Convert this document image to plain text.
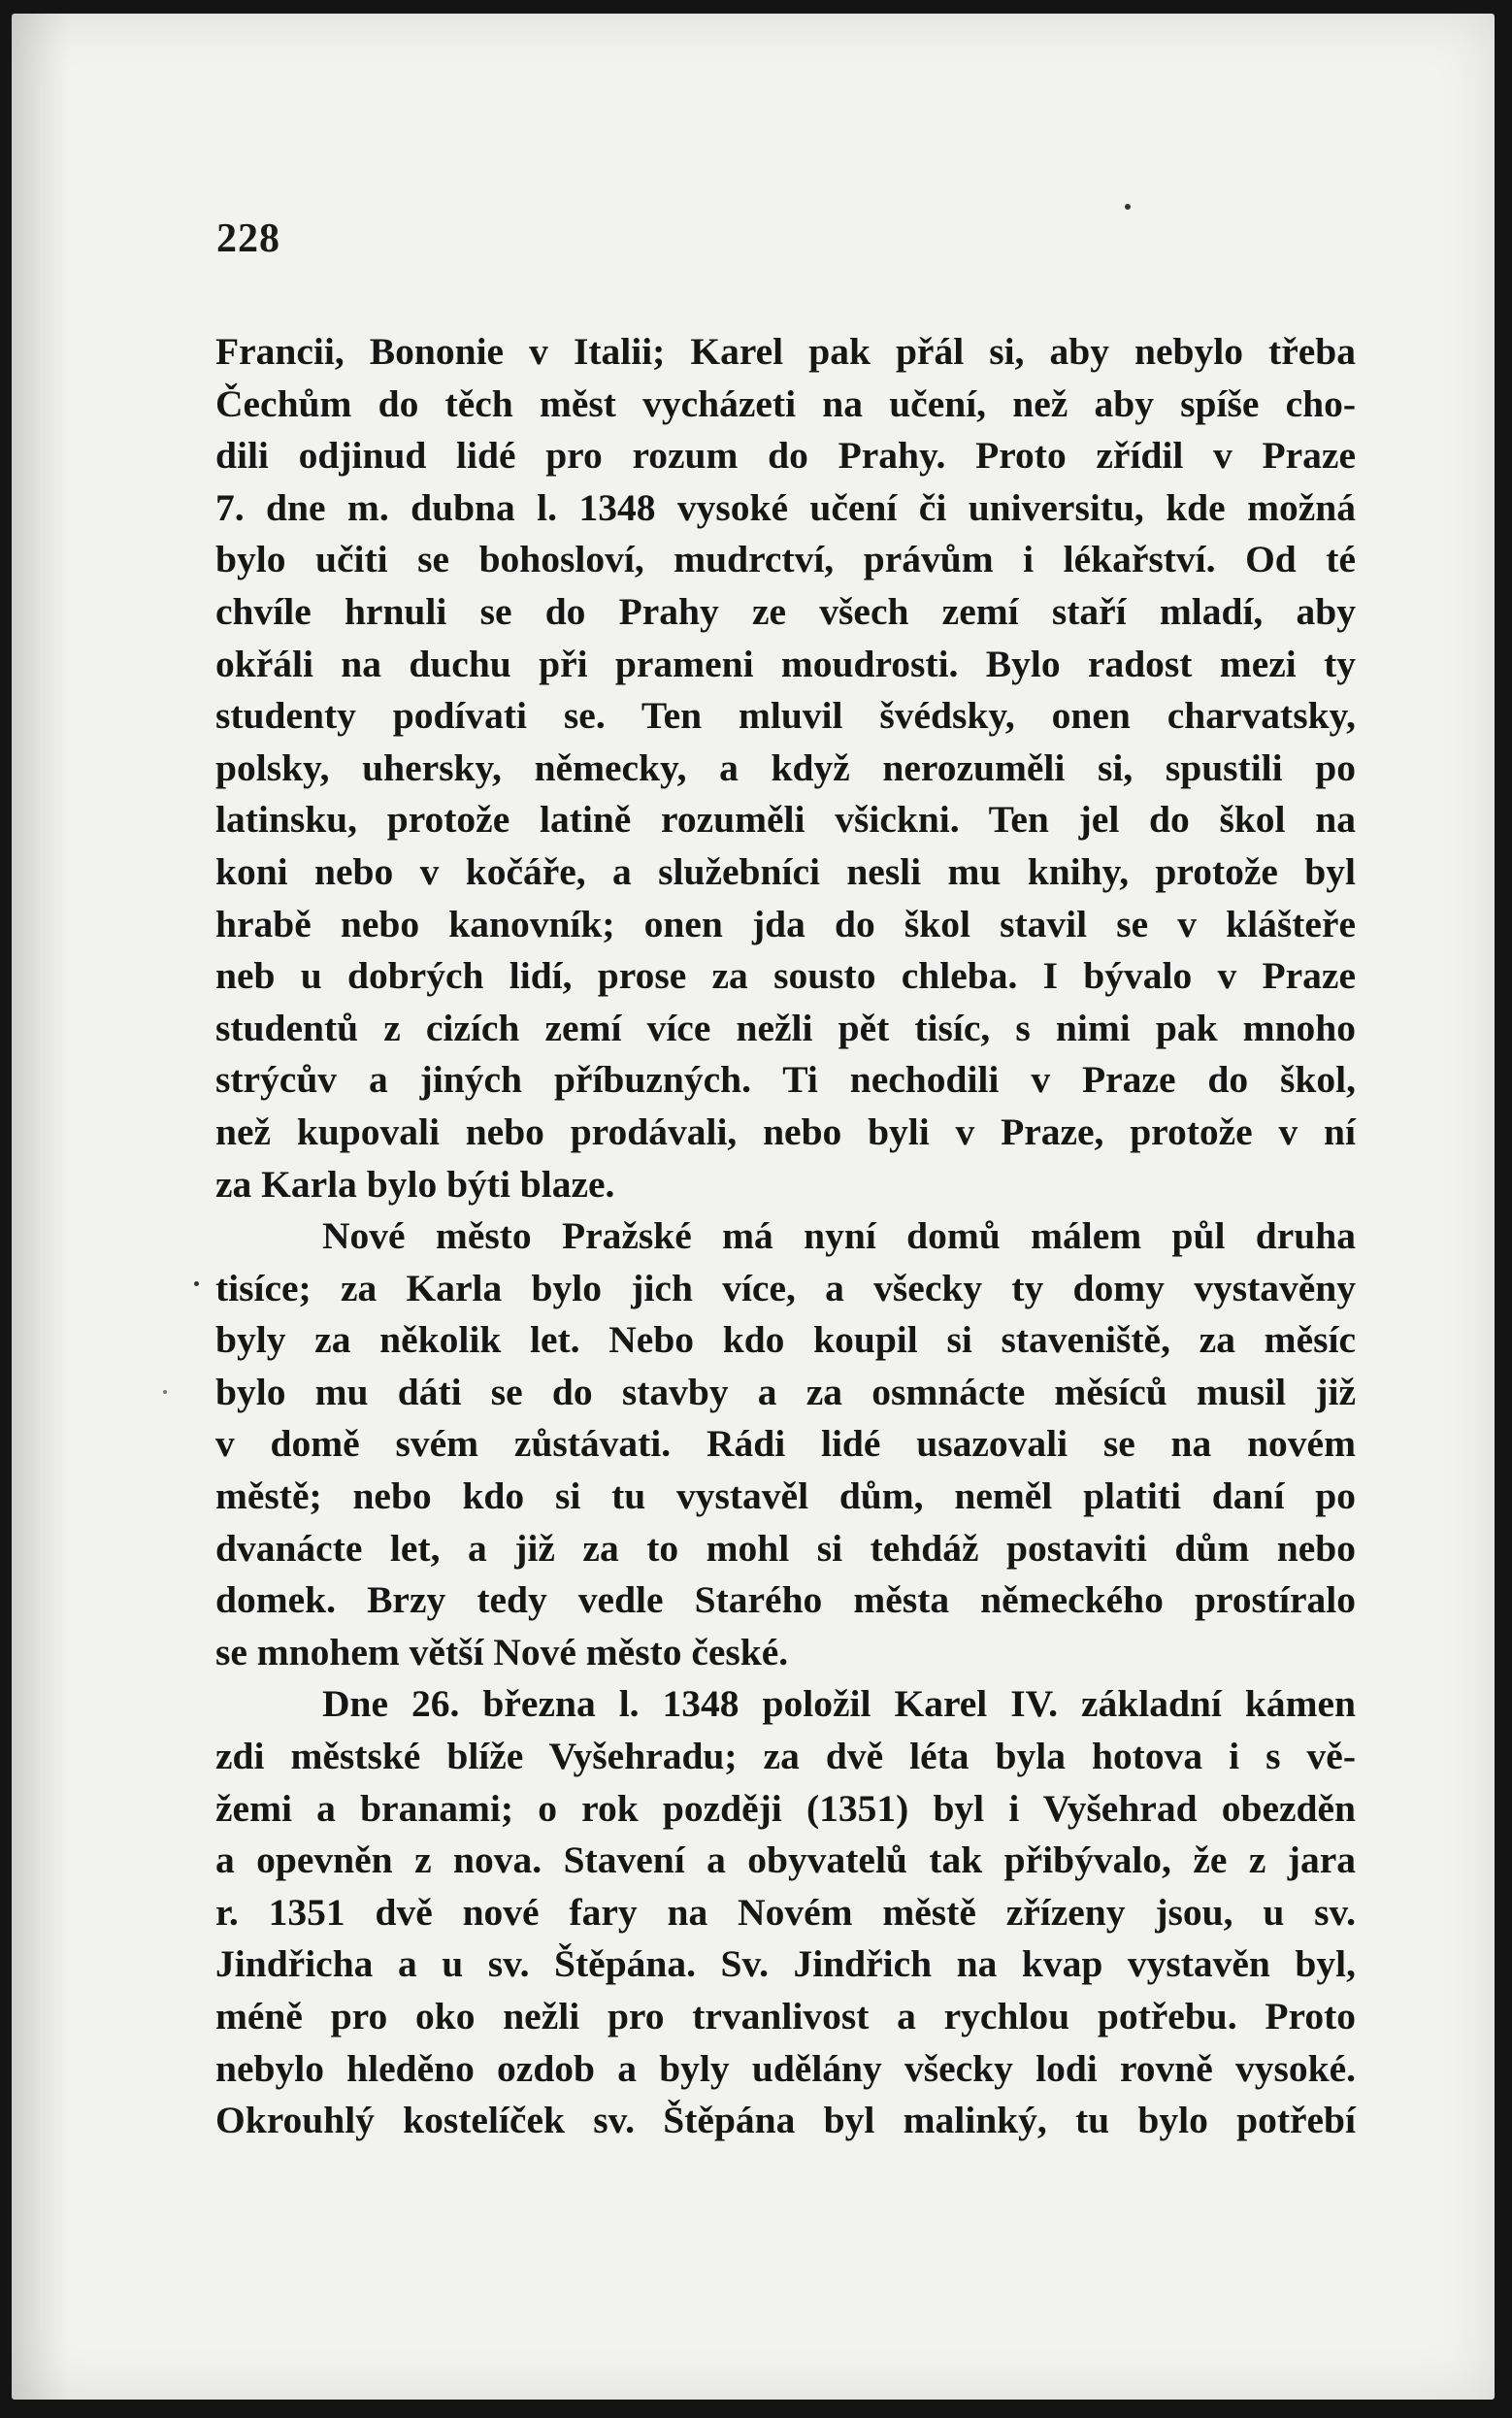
228
Francii, Bononie v Italii; Karel pak přál si, aby nebylo třeba
Čechům do těch měst vycházeti na učení, než aby spíše cho-
dili odjinud lidé pro rozum do Prahy. Proto zřídil v Praze
7. dne m. dubna l. 1348 vysoké učení či universitu, kde možná
bylo učiti se bohosloví, mudrctví, právům i lékařství. Od té
chvíle hrnuli se do Prahy ze všech zemí staří mladí, aby
okřáli na duchu při prameni moudrosti. Bylo radost mezi ty
studenty podívati se. Ten mluvil švédsky, onen charvatsky,
polsky, uhersky, německy, a když nerozuměli si, spustili po
latinsku, protože latině rozuměli všickni. Ten jel do škol na
koni nebo v kočáře, a služebníci nesli mu knihy, protože byl
hrabě nebo kanovník; onen jda do škol stavil se v klášteře
neb u dobrých lidí, prose za sousto chleba. I bývalo v Praze
studentů z cizích zemí více nežli pět tisíc, s nimi pak mnoho
strýcův a jiných příbuzných. Ti nechodili v Praze do škol,
než kupovali nebo prodávali, nebo byli v Praze, protože v ní
za Karla bylo býti blaze.
Nové město Pražské má nyní domů málem půl druha
tisíce; za Karla bylo jich více, a všecky ty domy vystavěny
byly za několik let. Nebo kdo koupil si staveniště, za měsíc
bylo mu dáti se do stavby a za osmnácte měsíců musil již
v domě svém zůstávati. Rádi lidé usazovali se na novém
městě; nebo kdo si tu vystavěl dům, neměl platiti daní po
dvanácte let, a již za to mohl si tehdáž postaviti dům nebo
domek. Brzy tedy vedle Starého města německého prostíralo
se mnohem větší Nové město české.
Dne 26. března l. 1348 položil Karel IV. základní kámen
zdi městské blíže Vyšehradu; za dvě léta byla hotova i s vě-
žemi a branami; o rok později (1351) byl i Vyšehrad obezděn
a opevněn z nova. Stavení a obyvatelů tak přibývalo, že z jara
r. 1351 dvě nové fary na Novém městě zřízeny jsou, u sv.
Jindřicha a u sv. Štěpána. Sv. Jindřich na kvap vystavěn byl,
méně pro oko nežli pro trvanlivost a rychlou potřebu. Proto
nebylo hleděno ozdob a byly udělány všecky lodi rovně vysoké.
Okrouhlý kostelíček sv. Štěpána byl malinký, tu bylo potřebí
